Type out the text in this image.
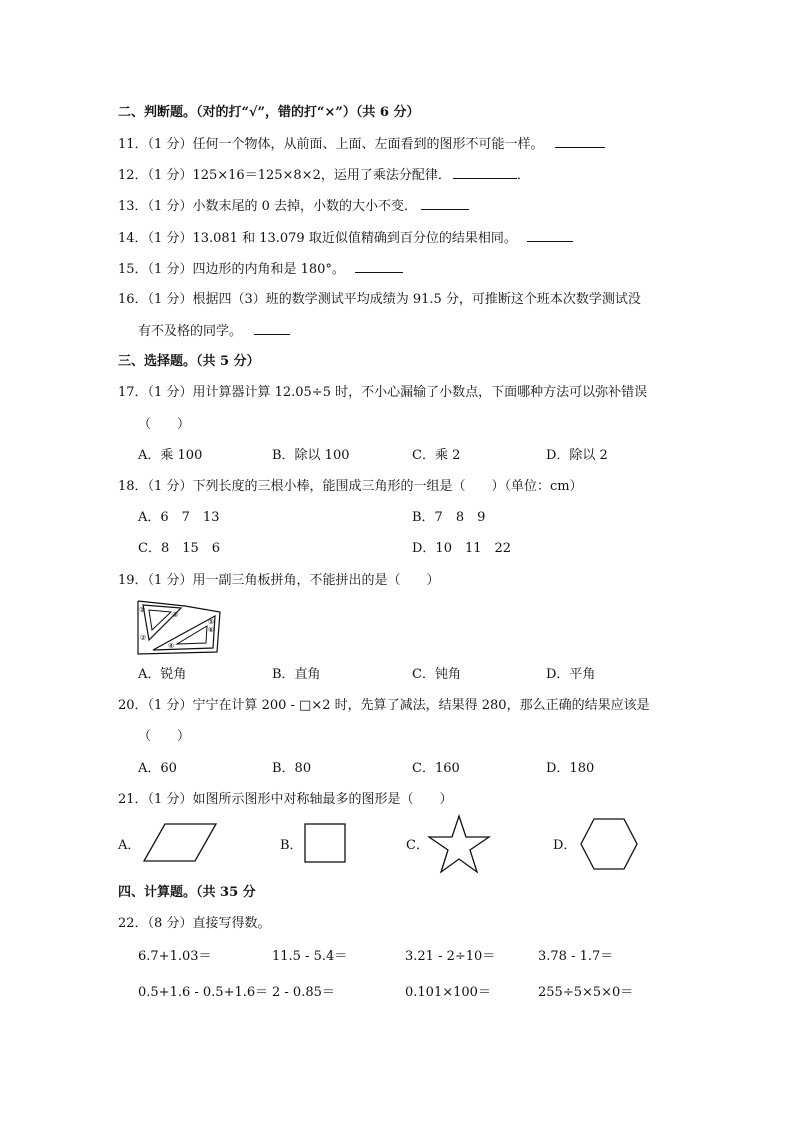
二、判断题。（对的打“√”，错的打“×”）（共 6 分）
11．（1 分）任何一个物体，从前面、上面、左面看到的图形不可能一样。
12．（1 分）125×16＝125×8×2，运用了乘法分配律．	．
13．（1 分）小数末尾的 0 去掉，小数的大小不变．
14．（1 分）13.081 和 13.079 取近似值精确到百分位的结果相同。
15．（1 分）四边形的内角和是 180°。
16．（1 分）根据四（3）班的数学测试平均成绩为 91.5 分，可推断这个班本次数学测试没
有不及格的同学。
三、选择题。（共 5 分）
17．（1 分）用计算器计算 12.05÷5 时，不小心漏输了小数点，下面哪种方法可以弥补错误
（　　）
A．乘 100	B．除以 100	C．乘 2	D．除以 2
18．（1 分）下列长度的三根小棒，能围成三角形的一组是（　　）（单位：cm）
A．6　7　13	B．7　8　9
C．8　15　6	D．10　11　22
19．（1 分）用一副三角板拼角，不能拼出的是（　　）
①
②
③
④
⑤
⑥
A．锐角	B．直角	C．钝角	D．平角
20．（1 分）宁宁在计算 200 - □×2 时，先算了减法，结果得 280，那么正确的结果应该是
（　　）
A．60	B．80	C．160	D．180
21．（1 分）如图所示图形中对称轴最多的图形是（　　）
A．	B．	C．	D．
四、计算题。（共 35 分
22．（8 分）直接写得数。
6.7+1.03＝	11.5 - 5.4＝	3.21 - 2÷10＝	3.78 - 1.7＝
0.5+1.6 - 0.5+1.6＝ 2 - 0.85＝	0.101×100＝	255÷5×5×0＝
